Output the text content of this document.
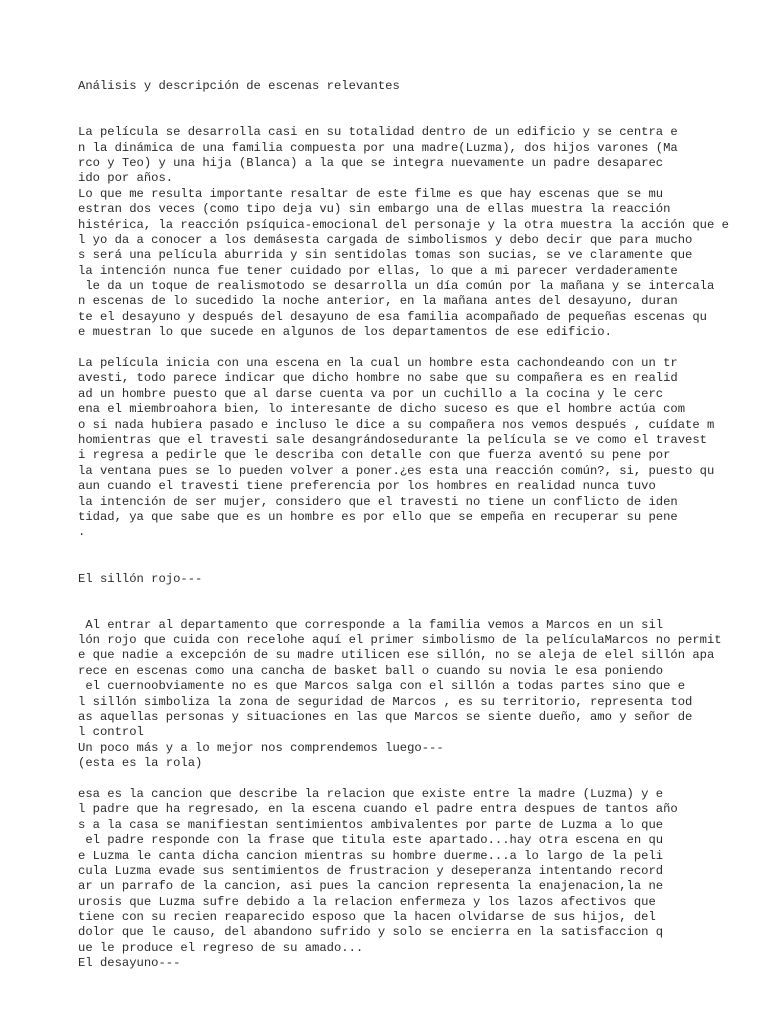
Análisis y descripción de escenas relevantes
La película se desarrolla casi en su totalidad dentro de un edificio y se centra e
n la dinámica de una familia compuesta por una madre(Luzma), dos hijos varones (Ma
rco y Teo) y una hija (Blanca) a la que se integra nuevamente un padre desaparec
ido por años.
Lo que me resulta importante resaltar de este filme es que hay escenas que se mu
estran dos veces (como tipo deja vu) sin embargo una de ellas muestra la reacción
histérica, la reacción psíquica-emocional del personaje y la otra muestra la acción que e
l yo da a conocer a los demásesta cargada de simbolismos y debo decir que para mucho
s será una película aburrida y sin sentidolas tomas son sucias, se ve claramente que
la intención nunca fue tener cuidado por ellas, lo que a mi parecer verdaderamente
le da un toque de realismotodo se desarrolla un día común por la mañana y se intercala
n escenas de lo sucedido la noche anterior, en la mañana antes del desayuno, duran
te el desayuno y después del desayuno de esa familia acompañado de pequeñas escenas qu
e muestran lo que sucede en algunos de los departamentos de ese edificio.
La película inicia con una escena en la cual un hombre esta cachondeando con un tr
avesti, todo parece indicar que dicho hombre no sabe que su compañera es en realid
ad un hombre puesto que al darse cuenta va por un cuchillo a la cocina y le cerc
ena el miembroahora bien, lo interesante de dicho suceso es que el hombre actúa com
o si nada hubiera pasado e incluso le dice a su compañera nos vemos después , cuídate m
homientras que el travesti sale desangrándosedurante la película se ve como el travest
i regresa a pedirle que le describa con detalle con que fuerza aventó su pene por
la ventana pues se lo pueden volver a poner.¿es esta una reacción común?, si, puesto qu
aun cuando el travesti tiene preferencia por los hombres en realidad nunca tuvo
la intención de ser mujer, considero que el travesti no tiene un conflicto de iden
tidad, ya que sabe que es un hombre es por ello que se empeña en recuperar su pene
.
El sillón rojo---
Al entrar al departamento que corresponde a la familia vemos a Marcos en un sil
lón rojo que cuida con recelohe aquí el primer simbolismo de la películaMarcos no permit
e que nadie a excepción de su madre utilicen ese sillón, no se aleja de elel sillón apa
rece en escenas como una cancha de basket ball o cuando su novia le esa poniendo
el cuernoobviamente no es que Marcos salga con el sillón a todas partes sino que e
l sillón simboliza la zona de seguridad de Marcos , es su territorio, representa tod
as aquellas personas y situaciones en las que Marcos se siente dueño, amo y señor de
l control
Un poco más y a lo mejor nos comprendemos luego---
(esta es la rola)
esa es la cancion que describe la relacion que existe entre la madre (Luzma) y e
l padre que ha regresado, en la escena cuando el padre entra despues de tantos año
s a la casa se manifiestan sentimientos ambivalentes por parte de Luzma a lo que
el padre responde con la frase que titula este apartado...hay otra escena en qu
e Luzma le canta dicha cancion mientras su hombre duerme...a lo largo de la peli
cula Luzma evade sus sentimientos de frustracion y deseperanza intentando record
ar un parrafo de la cancion, asi pues la cancion representa la enajenacion,la ne
urosis que Luzma sufre debido a la relacion enfermeza y los lazos afectivos que
tiene con su recien reaparecido esposo que la hacen olvidarse de sus hijos, del
dolor que le causo, del abandono sufrido y solo se encierra en la satisfaccion q
ue le produce el regreso de su amado...
El desayuno---
